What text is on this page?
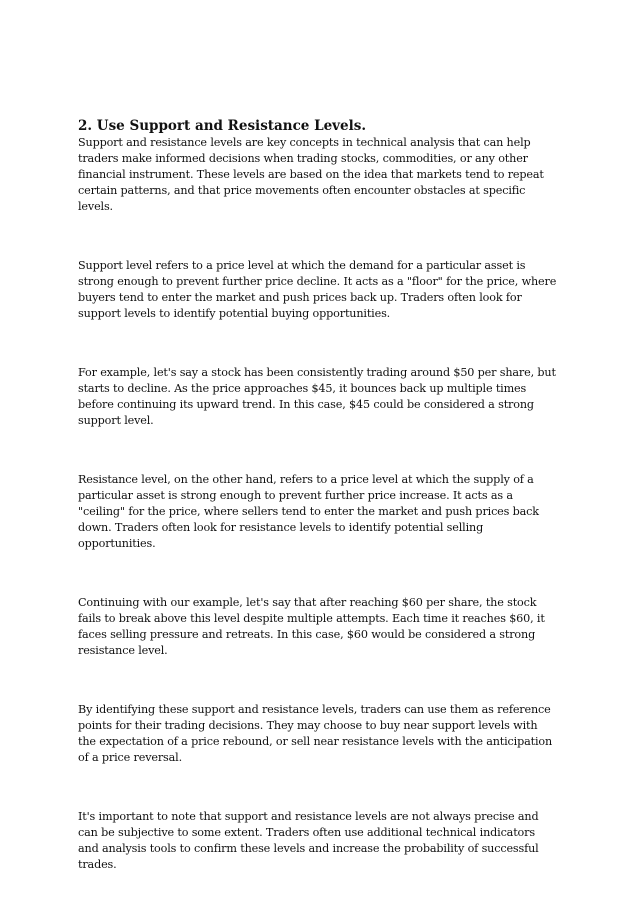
2. Use Support and Resistance Levels.

Support and resistance levels are key concepts in technical analysis that can help traders make informed decisions when trading stocks, commodities, or any other financial instrument. These levels are based on the idea that markets tend to repeat certain patterns, and that price movements often encounter obstacles at specific levels.

Support level refers to a price level at which the demand for a particular asset is strong enough to prevent further price decline. It acts as a "floor" for the price, where buyers tend to enter the market and push prices back up. Traders often look for support levels to identify potential buying opportunities.

For example, let's say a stock has been consistently trading around $50 per share, but starts to decline. As the price approaches $45, it bounces back up multiple times before continuing its upward trend. In this case, $45 could be considered a strong support level.

Resistance level, on the other hand, refers to a price level at which the supply of a particular asset is strong enough to prevent further price increase. It acts as a "ceiling" for the price, where sellers tend to enter the market and push prices back down. Traders often look for resistance levels to identify potential selling opportunities.

Continuing with our example, let's say that after reaching $60 per share, the stock fails to break above this level despite multiple attempts. Each time it reaches $60, it faces selling pressure and retreats. In this case, $60 would be considered a strong resistance level.

By identifying these support and resistance levels, traders can use them as reference points for their trading decisions. They may choose to buy near support levels with the expectation of a price rebound, or sell near resistance levels with the anticipation of a price reversal.

It's important to note that support and resistance levels are not always precise and can be subjective to some extent. Traders often use additional technical indicators and analysis tools to confirm these levels and increase the probability of successful trades.
